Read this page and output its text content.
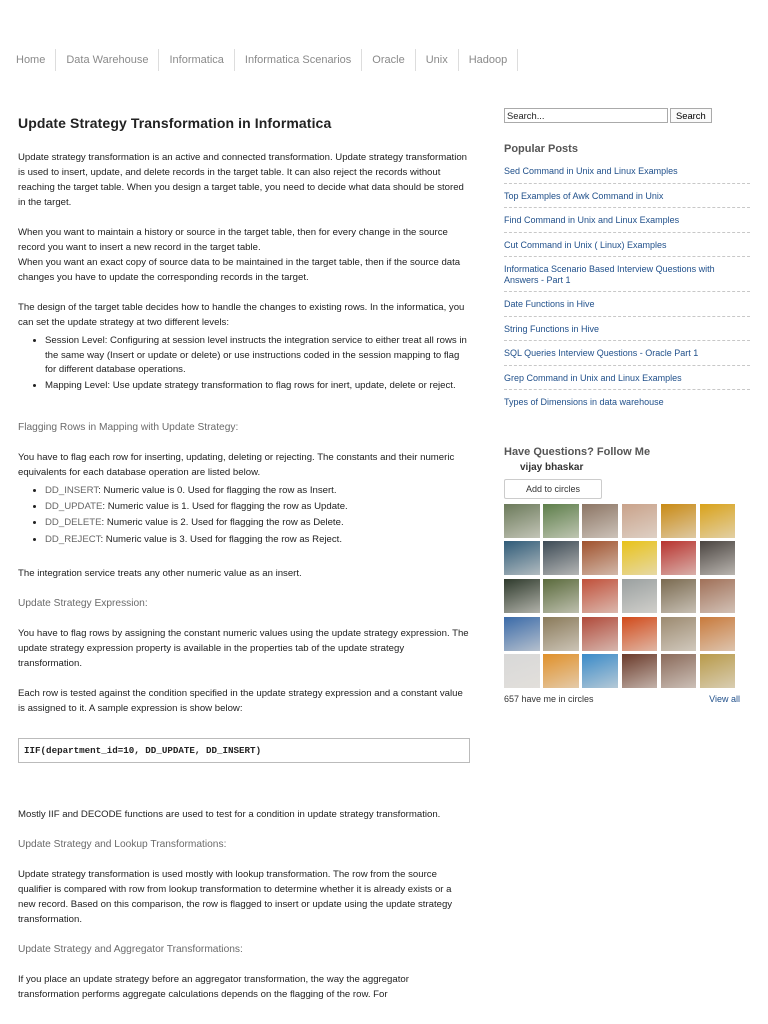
Home	Data Warehouse	Informatica	Informatica Scenarios	Oracle	Unix	Hadoop
Update Strategy Transformation in Informatica

Update strategy transformation is an active and connected transformation. Update strategy transformation is used to insert, update, and delete records in the target table. It can also reject the records without reaching the target table. When you design a target table, you need to decide what data should be stored in the target.

When you want to maintain a history or source in the target table, then for every change in the source record you want to insert a new record in the target table.
When you want an exact copy of source data to be maintained in the target table, then if the source data changes you have to update the corresponding records in the target.

The design of the target table decides how to handle the changes to existing rows. In the informatica, you can set the update strategy at two different levels:

• Session Level: Configuring at session level instructs the integration service to either treat all rows in the same way (Insert or update or delete) or use instructions coded in the session mapping to flag for different database operations.
• Mapping Level: Use update strategy transformation to flag rows for inert, update, delete or reject.
Flagging Rows in Mapping with Update Strategy:

You have to flag each row for inserting, updating, deleting or rejecting. The constants and their numeric equivalents for each database operation are listed below.

• DD_INSERT: Numeric value is 0. Used for flagging the row as Insert.
• DD_UPDATE: Numeric value is 1. Used for flagging the row as Update.
• DD_DELETE: Numeric value is 2. Used for flagging the row as Delete.
• DD_REJECT: Numeric value is 3. Used for flagging the row as Reject.

The integration service treats any other numeric value as an insert.

Update Strategy Expression:

You have to flag rows by assigning the constant numeric values using the update strategy expression. The update strategy expression property is available in the properties tab of the update strategy transformation.

Each row is tested against the condition specified in the update strategy expression and a constant value is assigned to it. A sample expression is show below:

IIF(department_id=10, DD_UPDATE, DD_INSERT)

Mostly IIF and DECODE functions are used to test for a condition in update strategy transformation.

Update Strategy and Lookup Transformations:

Update strategy transformation is used mostly with lookup transformation. The row from the source qualifier is compared with row from lookup transformation to determine whether it is already exists or a new record. Based on this comparison, the row is flagged to insert or update using the update strategy transformation.

Update Strategy and Aggregator Transformations:

If you place an update strategy before an aggregator transformation, the way the aggregator transformation performs aggregate calculations depends on the flagging of the row. For

Search...
Search
Popular Posts
Sed Command in Unix and Linux Examples
Top Examples of Awk Command in Unix
Find Command in Unix and Linux Examples
Cut Command in Unix ( Linux) Examples
Informatica Scenario Based Interview Questions with Answers - Part 1
Date Functions in Hive
String Functions in Hive
SQL Queries Interview Questions - Oracle Part 1
Grep Command in Unix and Linux Examples
Types of Dimensions in data warehouse
Have Questions? Follow Me
vijay bhaskar
Add to circles
657 have me in circles	View all
